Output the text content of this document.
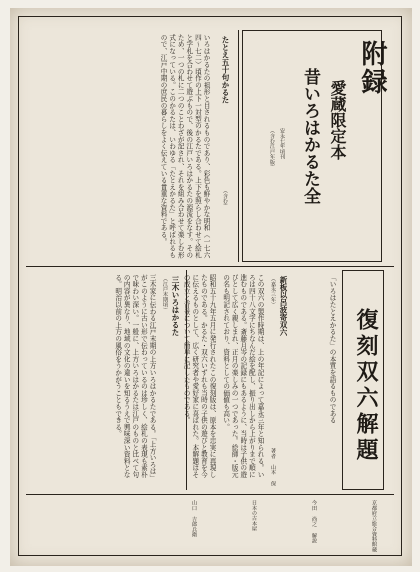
附録

愛蔵限定本

昔いろはかるた全

安永七年頃刊

（含む江戸年版）

たとえ五十句かるた

（含む）

いろはかるたの祖形と目されるものであり、彩色も鮮やかな明和（一七六四〜七二）頃作の上下一対型のかるたである。上下を照らし合わせて絵札と字札を合わせて遊ぶもので、後の江戸いろはかるたの源流をなす。そのため、一つの札に二つのことわざが記され、それを組み合わせて楽しむ形式になっている。このかるたは、いわゆる「たとえかるた」と呼ばれるもので、江戸中期の庶民の暮らしをよく伝えている貴重な資料である。

復刻双六解題

「いろはたとえかるた」の本質を語るものである

新板以呂波寄双六

（嘉永三年）

著者 山本 保

この双六の製作時期は、上の年記によって嘉永三年と知られる。いろは四十八文字にちなんだ絵を配し、振り出しから上がりまで順に進むものである。斎藤月岑の記録にもあるように、当時は子供の遊びとして広く親しまれ、正月の楽しみの一つであった。絵師・版元の名も明記されており、資料としての価値も高い。

昭和五十九年五月に発行されたこの復刻版は、原本を忠実に再現したものである。かるた・双六いずれも当時の子供の遊びと教育を今に伝えるものとして、広く研究者や愛好家に喜ばれた。本解題はその成立と背景について簡単に記したものである。

三木いろはかるた

（江戸末期頃）

三木家に伝わる江戸末期の上方いろはかるたである。「上方いろは」がこのように古い形で伝わっているのは珍しく、絵札の表現も素朴で味わい深い。一般に、上方いろはかるたは江戸のものと比べて句の内容が異なり、地域の文化の違いを知るうえで興味深い資料となる。明治以前の上方の風俗をうかがうこともできる。

京都府立総合資料館蔵

今田 尚之 解説

日本の古本屋

山口 吉郎兵衛
